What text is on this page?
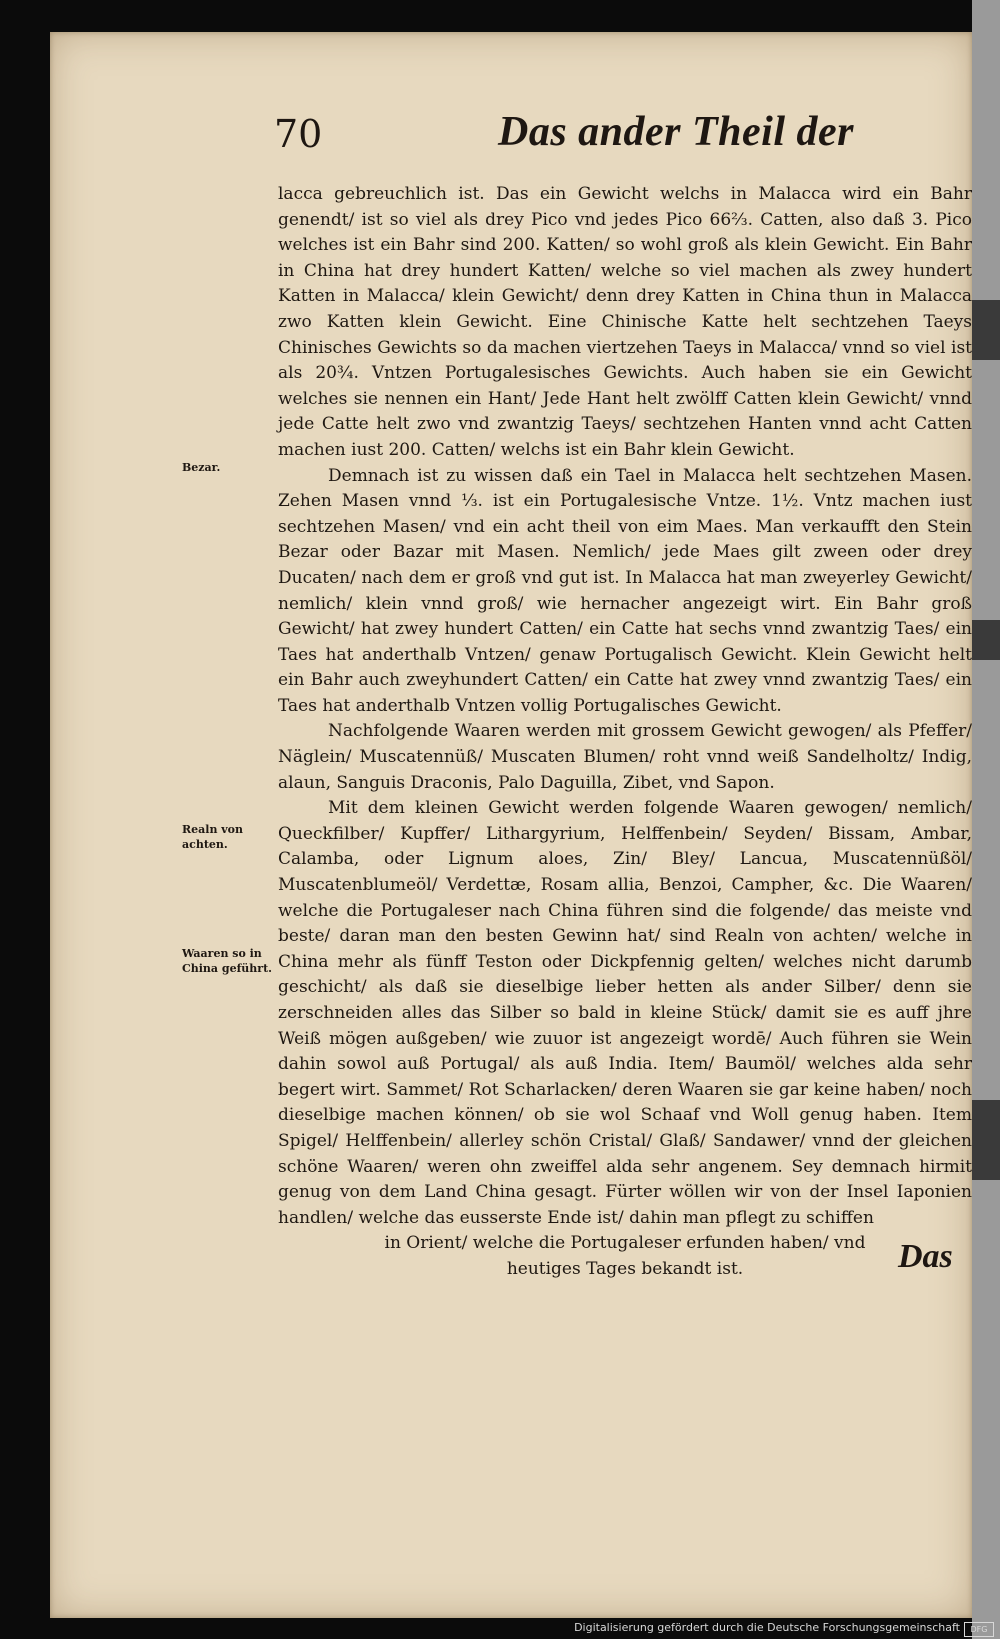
70	Das ander Theil der
Bezar.
Realn von achten.
Waaren so in China geführt.

lacca gebreuchlich ist. Das ein Gewicht welchs in Malacca wird ein Bahr genendt/ ist so viel als drey Pico vnd jedes Pico 66⅔. Catten, also daß 3. Pico welches ist ein Bahr sind 200. Katten/ so wohl groß als klein Gewicht. Ein Bahr in China hat drey hundert Katten/ welche so viel machen als zwey hundert Katten in Malacca/ klein Gewicht/ denn drey Katten in China thun in Malacca zwo Katten klein Gewicht. Eine Chinische Katte helt sechtzehen Taeys Chinisches Gewichts so da machen viertzehen Taeys in Malacca/ vnnd so viel ist als 20¾. Vntzen Portugalesisches Gewichts. Auch haben sie ein Gewicht welches sie nennen ein Hant/ Jede Hant helt zwölff Catten klein Gewicht/ vnnd jede Catte helt zwo vnd zwantzig Taeys/ sechtzehen Hanten vnnd acht Catten machen iust 200. Catten/ welchs ist ein Bahr klein Gewicht.

Demnach ist zu wissen daß ein Tael in Malacca helt sechtzehen Masen. Zehen Masen vnnd ⅓. ist ein Portugalesische Vntze. 1½. Vntz machen iust sechtzehen Masen/ vnd ein acht theil von eim Maes. Man verkaufft den Stein Bezar oder Bazar mit Masen. Nemlich/ jede Maes gilt zween oder drey Ducaten/ nach dem er groß vnd gut ist. In Malacca hat man zweyerley Gewicht/ nemlich/ klein vnnd groß/ wie hernacher angezeigt wirt. Ein Bahr groß Gewicht/ hat zwey hundert Catten/ ein Catte hat sechs vnnd zwantzig Taes/ ein Taes hat anderthalb Vntzen/ genaw Portugalisch Gewicht. Klein Gewicht helt ein Bahr auch zweyhundert Catten/ ein Catte hat zwey vnnd zwantzig Taes/ ein Taes hat anderthalb Vntzen vollig Portugalisches Gewicht.

Nachfolgende Waaren werden mit grossem Gewicht gewogen/ als Pfeffer/ Näglein/ Muscatennüß/ Muscaten Blumen/ roht vnnd weiß Sandelholtz/ Indig, alaun, Sanguis Draconis, Palo Daguilla, Zibet, vnd Sapon.

Mit dem kleinen Gewicht werden folgende Waaren gewogen/ nemlich/ Queckfilber/ Kupffer/ Lithargyrium, Helffenbein/ Seyden/ Bissam, Ambar, Calamba, oder Lignum aloes, Zin/ Bley/ Lancua, Muscatennüßöl/ Muscatenblumeöl/ Verdettæ, Rosam allia, Benzoi, Campher, &c. Die Waaren/ welche die Portugaleser nach China führen sind die folgende/ das meiste vnd beste/ daran man den besten Gewinn hat/ sind Realn von achten/ welche in China mehr als fünff Teston oder Dickpfennig gelten/ welches nicht darumb geschicht/ als daß sie dieselbige lieber hetten als ander Silber/ denn sie zerschneiden alles das Silber so bald in kleine Stück/ damit sie es auff jhre Weiß mögen außgeben/ wie zuuor ist angezeigt wordē/ Auch führen sie Wein dahin sowol auß Portugal/ als auß India. Item/ Baumöl/ welches alda sehr begert wirt. Sammet/ Rot Scharlacken/ deren Waaren sie gar keine haben/ noch dieselbige machen können/ ob sie wol Schaaf vnd Woll genug haben. Item Spigel/ Helffenbein/ allerley schön Cristal/ Glaß/ Sandawer/ vnnd der gleichen schöne Waaren/ weren ohn zweiffel alda sehr angenem. Sey demnach hirmit genug von dem Land China gesagt. Fürter wöllen wir von der Insel Iaponien handlen/ welche das eusserste Ende ist/ dahin man pflegt zu schiffen

in Orient/ welche die Portugaleser erfunden haben/ vnd

heutiges Tages bekandt ist.	Das
Digitalisierung gefördert durch die Deutsche Forschungsgemeinschaft	DFG
